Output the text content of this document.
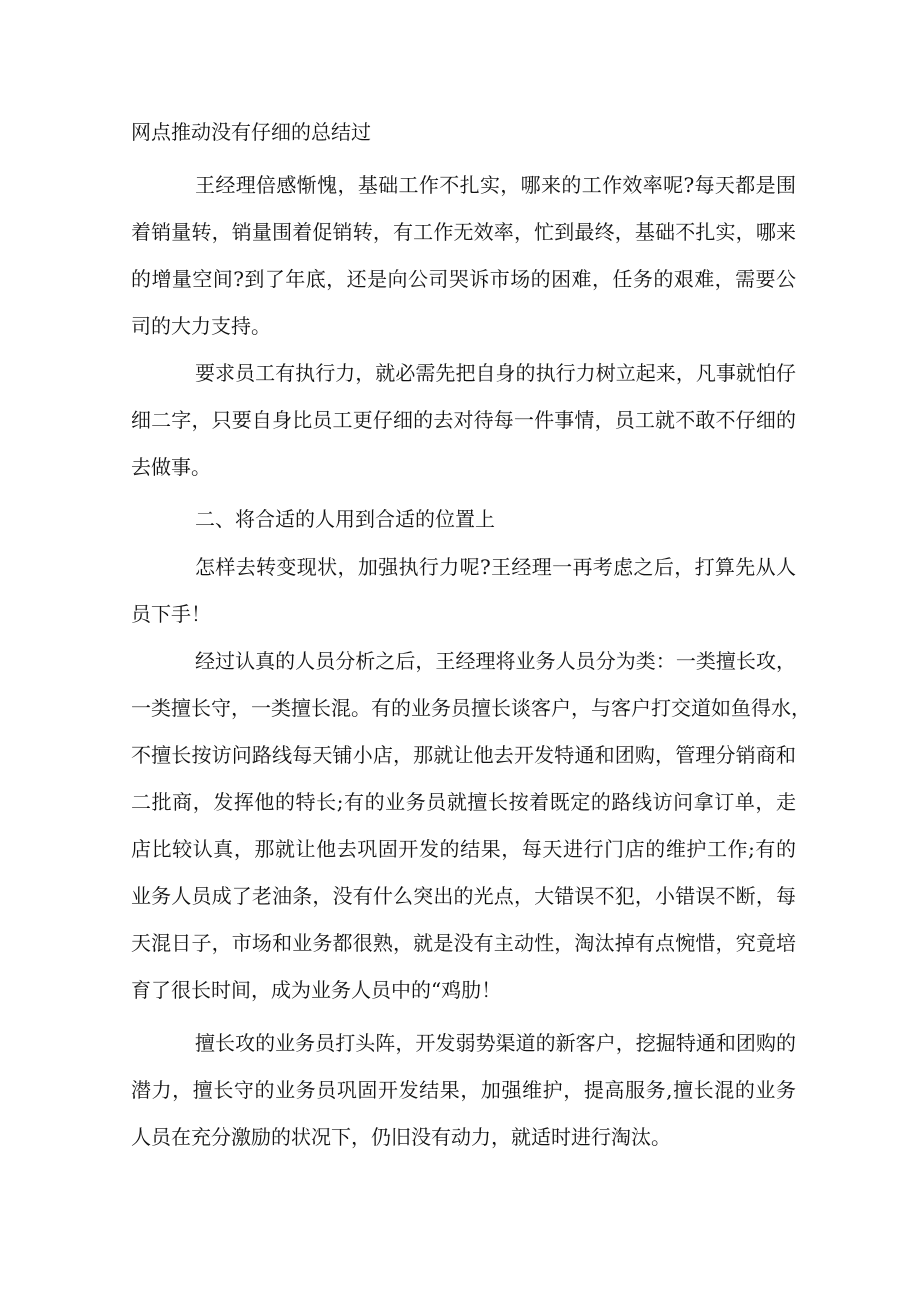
网点推动没有仔细的总结过
王经理倍感惭愧，基础工作不扎实，哪来的工作效率呢?每天都是围
着销量转，销量围着促销转，有工作无效率，忙到最终，基础不扎实，哪来
的增量空间?到了年底，还是向公司哭诉市场的困难，任务的艰难，需要公
司的大力支持。
要求员工有执行力，就必需先把自身的执行力树立起来，凡事就怕仔
细二字，只要自身比员工更仔细的去对待每一件事情，员工就不敢不仔细的
去做事。
二、将合适的人用到合适的位置上
怎样去转变现状，加强执行力呢?王经理一再考虑之后，打算先从人
员下手！
经过认真的人员分析之后，王经理将业务人员分为类：一类擅长攻，
一类擅长守，一类擅长混。有的业务员擅长谈客户，与客户打交道如鱼得水，
不擅长按访问路线每天铺小店，那就让他去开发特通和团购，管理分销商和
二批商，发挥他的特长;有的业务员就擅长按着既定的路线访问拿订单，走
店比较认真，那就让他去巩固开发的结果，每天进行门店的维护工作;有的
业务人员成了老油条，没有什么突出的光点，大错误不犯，小错误不断，每
天混日子，市场和业务都很熟，就是没有主动性，淘汰掉有点惋惜，究竟培
育了很长时间，成为业务人员中的“鸡肋！
擅长攻的业务员打头阵，开发弱势渠道的新客户，挖掘特通和团购的
潜力，擅长守的业务员巩固开发结果，加强维护，提高服务,擅长混的业务
人员在充分激励的状况下，仍旧没有动力，就适时进行淘汰。
